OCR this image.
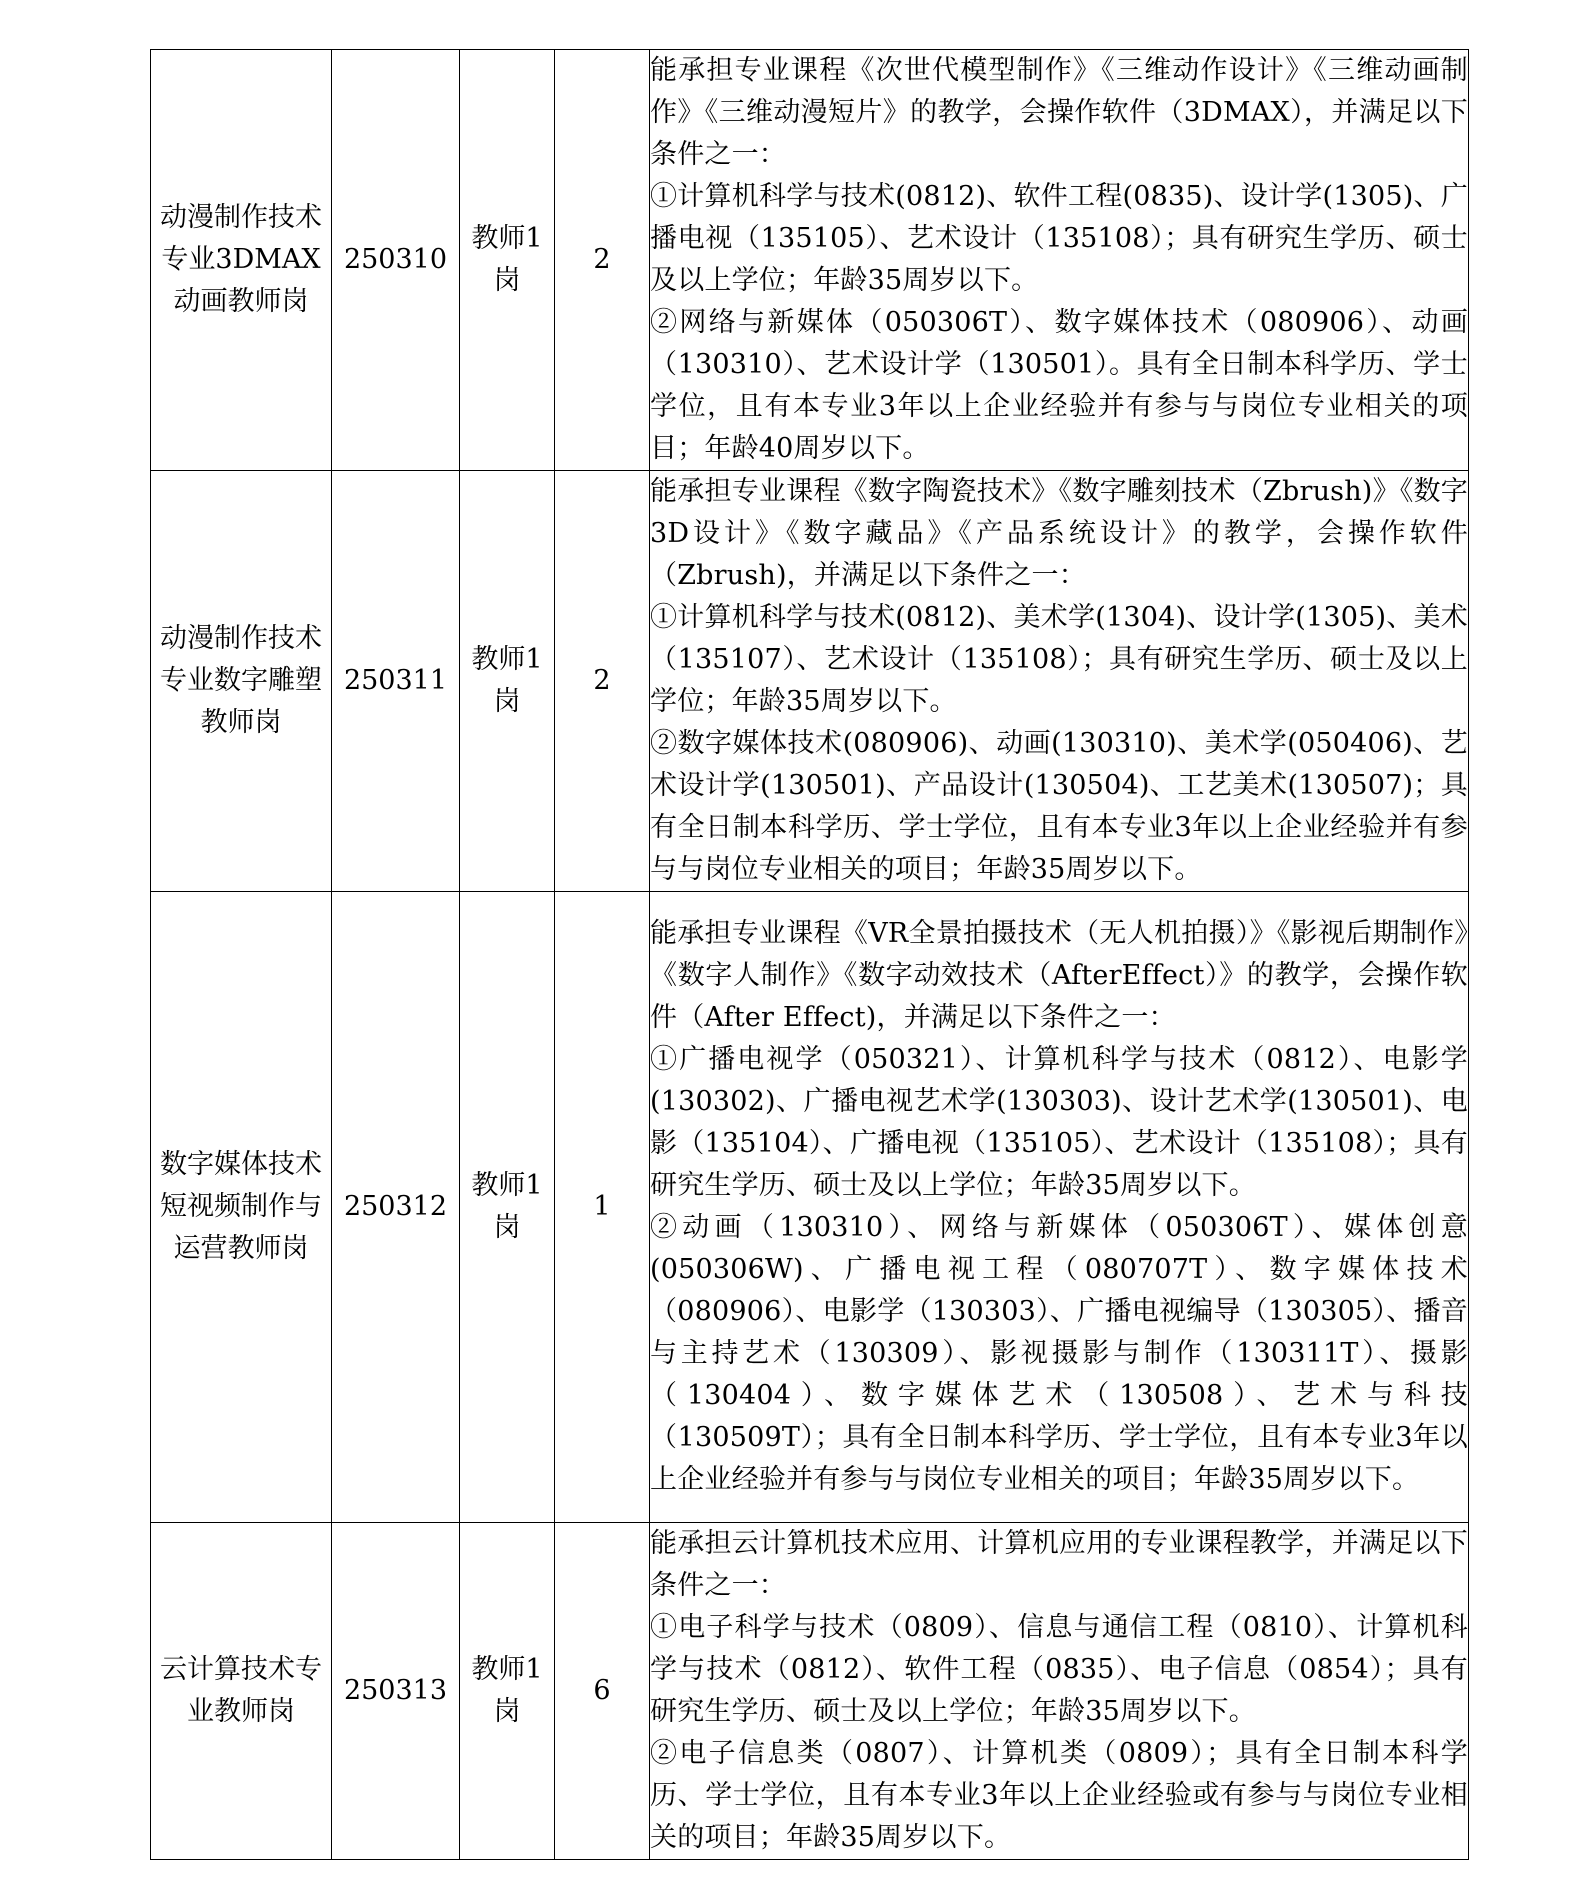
动漫制作技术专业3DMAX动画教师岗	250310	教师1岗	2	能承担专业课程《次世代模型制作》《三维动作设计》《三维动画制作》《三维动漫短片》的教学，会操作软件（3DMAX），并满足以下条件之一：

①计算机科学与技术(0812)、软件工程(0835)、设计学(1305)、广播电视（135105）、艺术设计（135108）；具有研究生学历、硕士及以上学位；年龄35周岁以下。

②网络与新媒体（050306T）、数字媒体技术（080906）、动画（130310）、艺术设计学（130501）。具有全日制本科学历、学士学位，且有本专业3年以上企业经验并有参与与岗位专业相关的项目；年龄40周岁以下。

动漫制作技术专业数字雕塑教师岗	250311	教师1岗	2	能承担专业课程《数字陶瓷技术》《数字雕刻技术（Zbrush)》《数字3D设计》《数字藏品》《产品系统设计》的教学，会操作软件（Zbrush)，并满足以下条件之一：

①计算机科学与技术(0812)、美术学(1304)、设计学(1305)、美术（135107）、艺术设计（135108）；具有研究生学历、硕士及以上学位；年龄35周岁以下。

②数字媒体技术(080906)、动画(130310)、美术学(050406)、艺术设计学(130501)、产品设计(130504)、工艺美术(130507)；具有全日制本科学历、学士学位，且有本专业3年以上企业经验并有参与与岗位专业相关的项目；年龄35周岁以下。

数字媒体技术短视频制作与运营教师岗	250312	教师1岗	1	能承担专业课程《VR全景拍摄技术（无人机拍摄）》《影视后期制作》《数字人制作》《数字动效技术（AfterEffect）》的教学，会操作软件（After Effect)，并满足以下条件之一：

①广播电视学（050321）、计算机科学与技术（0812）、电影学(130302)、广播电视艺术学(130303)、设计艺术学(130501)、电影（135104）、广播电视（135105）、艺术设计（135108）；具有研究生学历、硕士及以上学位；年龄35周岁以下。

②动画（130310）、网络与新媒体（050306T）、媒体创意(050306W)、广播电视工程（080707T）、数字媒体技术（080906）、电影学（130303）、广播电视编导（130305）、播音与主持艺术（130309）、影视摄影与制作（130311T）、摄影（130404）、数字媒体艺术（130508）、艺术与科技（130509T）；具有全日制本科学历、学士学位，且有本专业3年以上企业经验并有参与与岗位专业相关的项目；年龄35周岁以下。

云计算技术专业教师岗	250313	教师1岗	6	能承担云计算机技术应用、计算机应用的专业课程教学，并满足以下条件之一：

①电子科学与技术（0809）、信息与通信工程（0810）、计算机科学与技术（0812）、软件工程（0835）、电子信息（0854）；具有研究生学历、硕士及以上学位；年龄35周岁以下。

②电子信息类（0807）、计算机类（0809）；具有全日制本科学历、学士学位，且有本专业3年以上企业经验或有参与与岗位专业相关的项目；年龄35周岁以下。
